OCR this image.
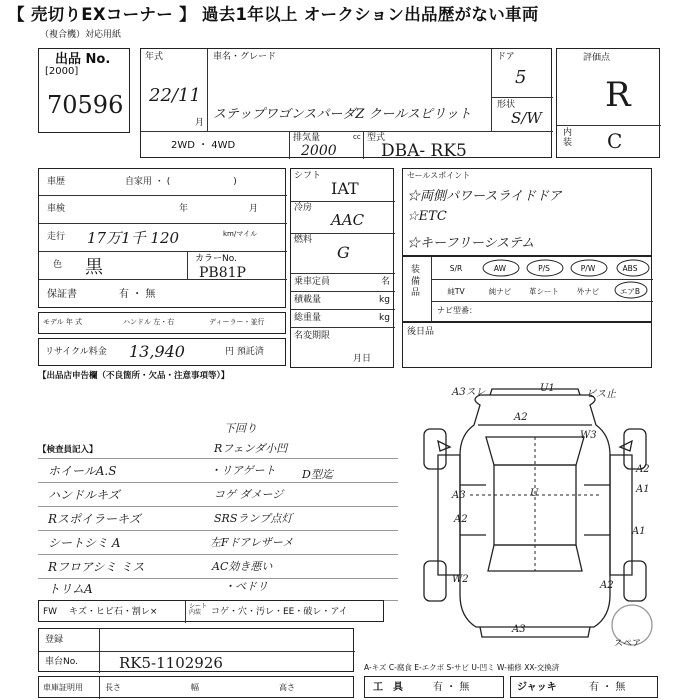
【 売切りEXコーナー 】 過去1年以上 オークション出品歴がない車両
（複合機）対応用紙
出品 No.
[2000]
70596
年式
22/11
月
車名・グレード
ステップワゴンスパーダZ クールスピリット
ドア
5
形状
S/W
2WD ・ 4WD
排気量
2000
cc 型式
DBA- RK5
評価点
R
内装 C
車歴	自家用 ・ (　　　　　　　)
車検	年	月
走行 17万1千 120	km/マイル
色 黒	カラーNo.
PB81P
保証書	有 ・ 無
モデル 年 式	ハンドル 左・右	ディーラー・並行
リサイクル料金 13,940	円 預託済
シフト
IAT
冷房
AAC
燃料
G
乗車定員	名
積載量	kg
総重量	kg
名変期限
月日
セールスポイント
☆両側パワースライドドア
☆ETC
☆キーフリーシステム
装備品
S/R	AW	P/S	P/W	ABS
純TV	純ナビ	革シート	外ナビ	エアB
ナビ型番：
後日品
【出品店申告欄（不良箇所・欠品・注意事項等）】
【検査員記入】
ホイールA.S
ハンドルキズ
Rスポイラーキズ
シートシミ A
Rフロアシミ ミス
トリムA
下回り
Rフェンダ小凹
・リアゲート
コゲ ダメージ
SRSランプ点灯
左Fドアレザーメ
AC効き悪い
・ベドリ
D型迄
FW キズ・ヒビ石・割レ×
シート内装	コゲ・穴・汚レ・EE・破レ・アイ
登録
車台No.	RK5-1102926
車庫証明用	長さ	幅	高さ	工　具	有 ・ 無	ジャッキ	有 ・ 無
A-キズ C-腐食 E-エクボ S-サビ U-凹ミ W-補修 XX-交換済
A3スレ	U1
ビス止
A2
W3
U
A2
A1
A3
A2
A1
W2
A2
A3
スペア
